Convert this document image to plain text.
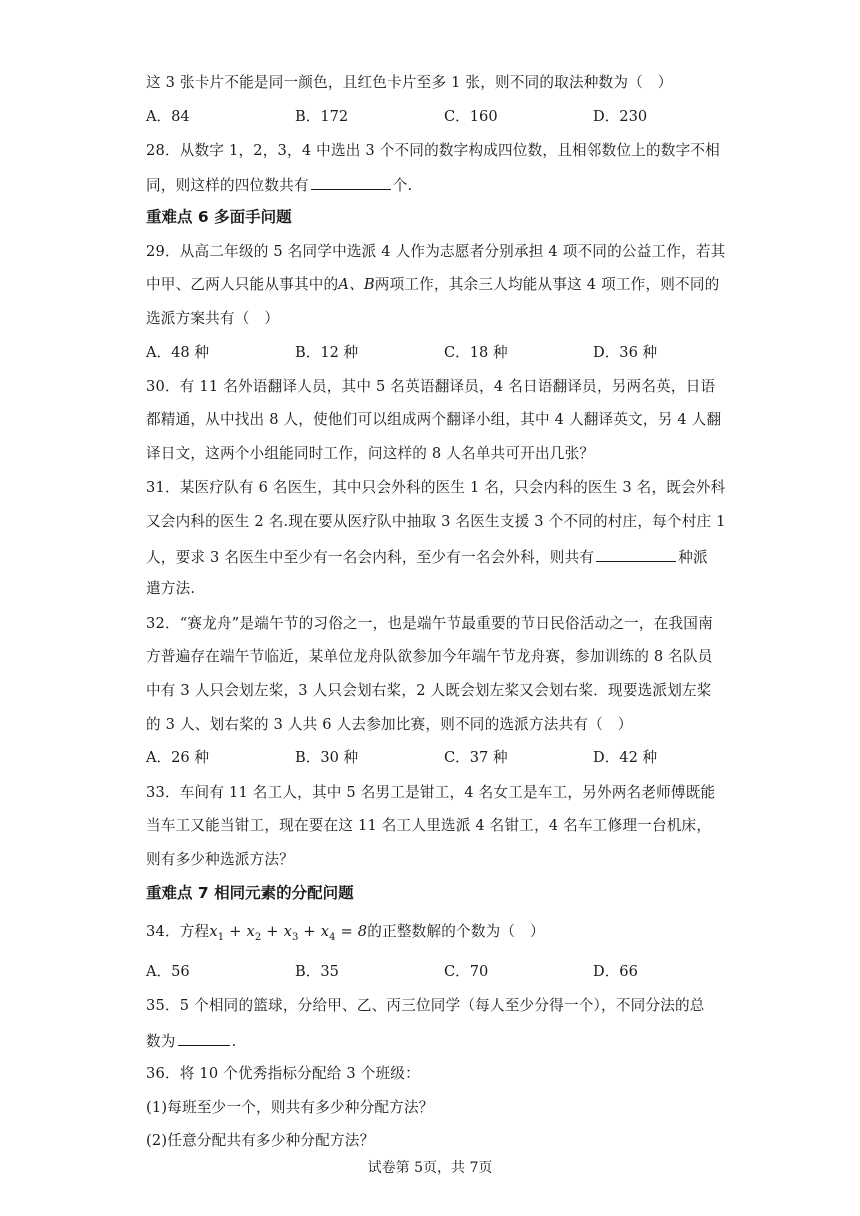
这 3 张卡片不能是同一颜色，且红色卡片至多 1 张，则不同的取法种数为（　）
A．84	B．172	C．160	D．230
28．从数字 1，2，3，4 中选出 3 个不同的数字构成四位数，且相邻数位上的数字不相
同，则这样的四位数共有	个.
重难点 6 多面手问题
29．从高二年级的 5 名同学中选派 4 人作为志愿者分别承担 4 项不同的公益工作，若其
中甲、乙两人只能从事其中的A、B两项工作，其余三人均能从事这 4 项工作，则不同的
选派方案共有（　）
A．48 种	B．12 种	C．18 种	D．36 种
30．有 11 名外语翻译人员，其中 5 名英语翻译员，4 名日语翻译员，另两名英，日语
都精通，从中找出 8 人，使他们可以组成两个翻译小组，其中 4 人翻译英文，另 4 人翻
译日文，这两个小组能同时工作，问这样的 8 人名单共可开出几张？
31．某医疗队有 6 名医生，其中只会外科的医生 1 名，只会内科的医生 3 名，既会外科
又会内科的医生 2 名.现在要从医疗队中抽取 3 名医生支援 3 个不同的村庄，每个村庄 1
人，要求 3 名医生中至少有一名会内科，至少有一名会外科，则共有	种派
遣方法.
32．“赛龙舟”是端午节的习俗之一，也是端午节最重要的节日民俗活动之一，在我国南
方普遍存在端午节临近，某单位龙舟队欲参加今年端午节龙舟赛，参加训练的 8 名队员
中有 3 人只会划左桨，3 人只会划右桨，2 人既会划左桨又会划右桨．现要选派划左桨
的 3 人、划右桨的 3 人共 6 人去参加比赛，则不同的选派方法共有（　）
A．26 种	B．30 种	C．37 种	D．42 种
33．车间有 11 名工人，其中 5 名男工是钳工，4 名女工是车工，另外两名老师傅既能
当车工又能当钳工，现在要在这 11 名工人里选派 4 名钳工，4 名车工修理一台机床，
则有多少种选派方法？
重难点 7 相同元素的分配问题
34．方程$x_1 + x_2 + x_3 + x_4 = 8$的正整数解的个数为（　）
A．56	B．35	C．70	D．66
35．5 个相同的篮球，分给甲、乙、丙三位同学（每人至少分得一个），不同分法的总
数为	.
36．将 10 个优秀指标分配给 3 个班级：
(1)每班至少一个，则共有多少种分配方法？
(2)任意分配共有多少种分配方法？
试卷第 5页，共 7页
